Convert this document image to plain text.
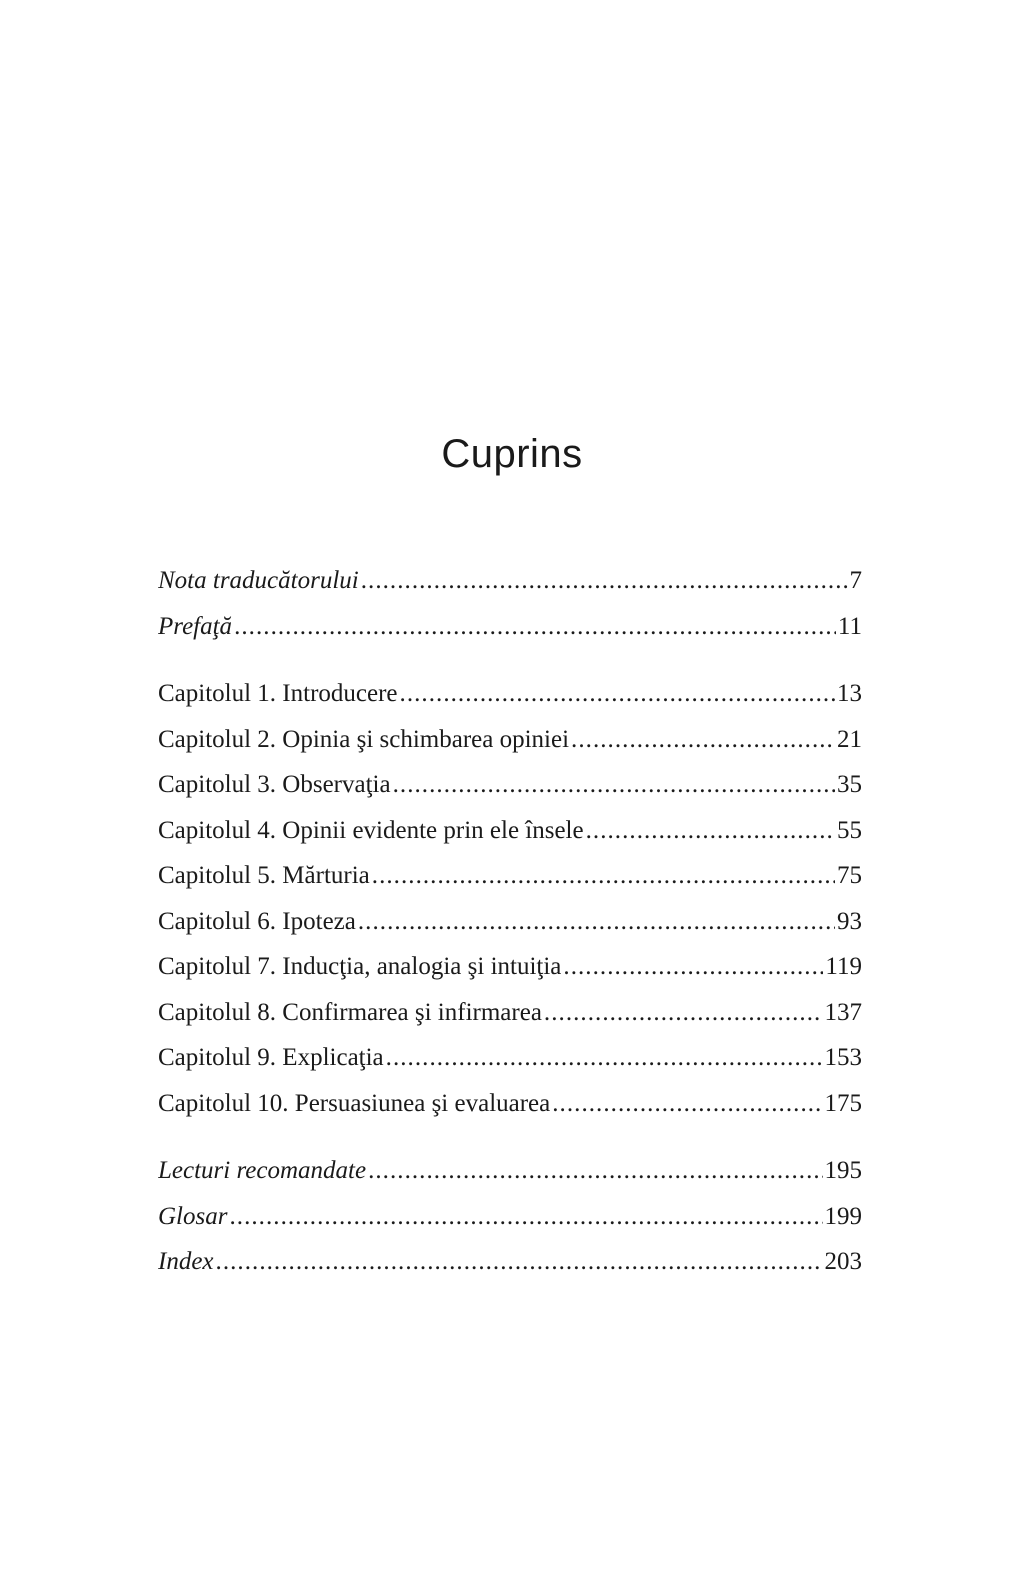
Cuprins
Nota traducătorului . . .	7
Prefaţă . . .	11
Capitolul 1. Introducere . . .	13
Capitolul 2. Opinia şi schimbarea opiniei . . .	21
Capitolul 3. Observaţia . . .	35
Capitolul 4. Opinii evidente prin ele însele . . .	55
Capitolul 5. Mărturia . . .	75
Capitolul 6. Ipoteza . . .	93
Capitolul 7. Inducţia, analogia şi intuiţia . . .	119
Capitolul 8. Confirmarea şi infirmarea . . .	137
Capitolul 9. Explicaţia . . .	153
Capitolul 10. Persuasiunea şi evaluarea . . .	175
Lecturi recomandate . . .	195
Glosar . . .	199
Index . . .	203
